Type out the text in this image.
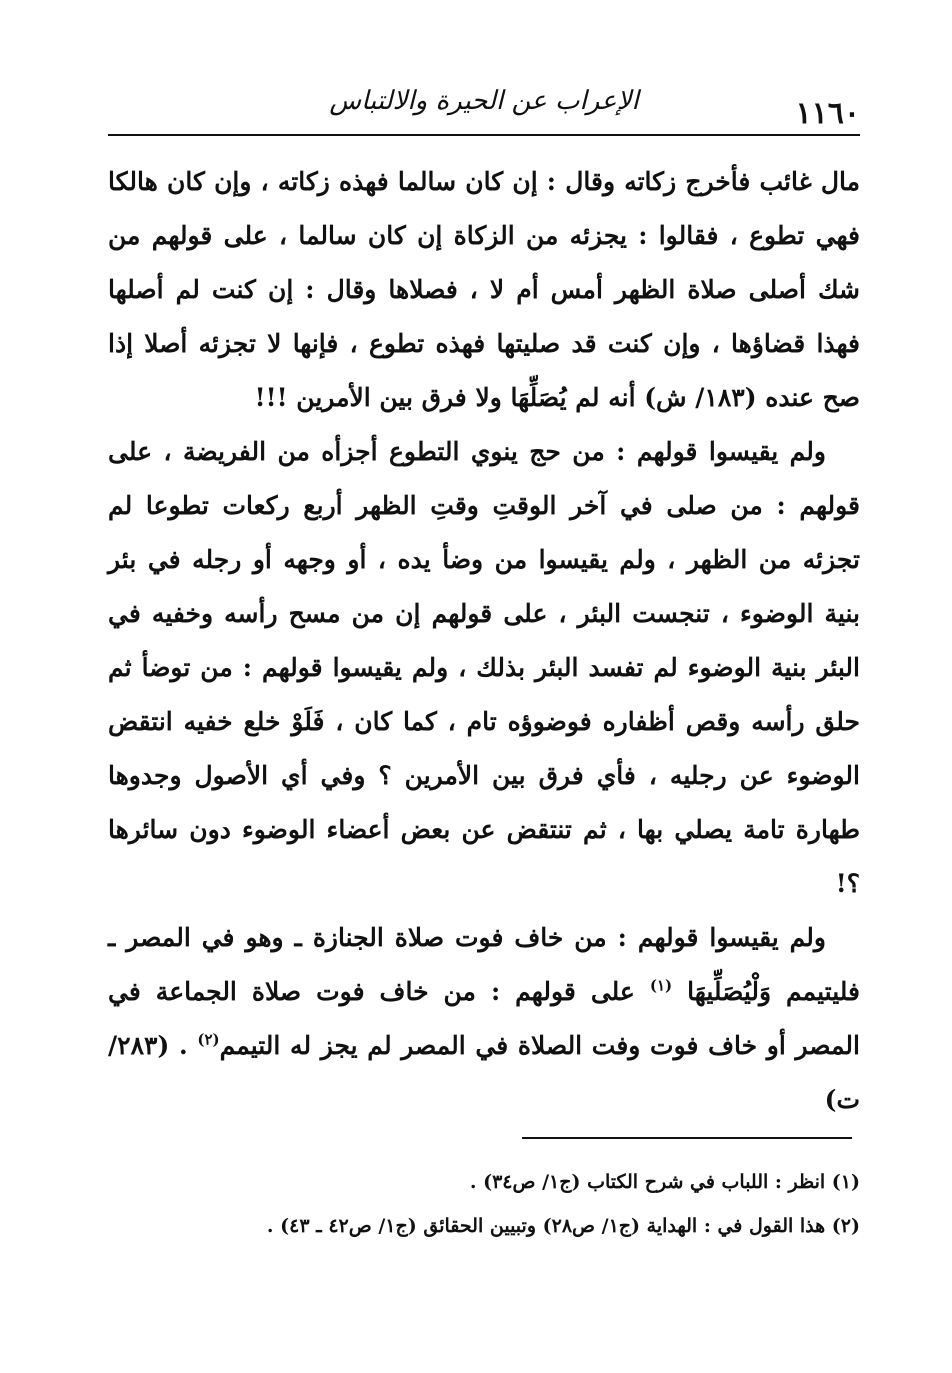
١١٦٠
الإعراب عن الحيرة والالتباس

مال غائب فأخرج زكاته وقال : إن كان سالما فهذه زكاته ، وإن كان هالكا فهي تطوع ، فقالوا : يجزئه من الزكاة إن كان سالما ، على قولهم من شك أصلى صلاة الظهر أمس أم لا ، فصلاها وقال : إن كنت لم أصلها فهذا قضاؤها ، وإن كنت قد صليتها فهذه تطوع ، فإنها لا تجزئه أصلا إذا صح عنده (١٨٣/ ش) أنه لم يُصَلِّهَا ولا فرق بين الأمرين !!!

ولم يقيسوا قولهم : من حج ينوي التطوع أجزأه من الفريضة ، على قولهم : من صلى في آخر الوقتِ وقتِ الظهر أربع ركعات تطوعا لم تجزئه من الظهر ، ولم يقيسوا من وضأ يده ، أو وجهه أو رجله في بئر بنية الوضوء ، تنجست البئر ، على قولهم إن من مسح رأسه وخفيه في البئر بنية الوضوء لم تفسد البئر بذلك ، ولم يقيسوا قولهم : من توضأ ثم حلق رأسه وقص أظفاره فوضوؤه تام ، كما كان ، فَلَوْ خلع خفيه انتقض الوضوء عن رجليه ، فأي فرق بين الأمرين ؟ وفي أي الأصول وجدوها طهارة تامة يصلي بها ، ثم تنتقض عن بعض أعضاء الوضوء دون سائرها ؟!

ولم يقيسوا قولهم : من خاف فوت صلاة الجنازة ـ وهو في المصر ـ فليتيمم وَلْيُصَلِّيهَا $^{(١)}$ على قولهم : من خاف فوت صلاة الجماعة في المصر أو خاف فوت وفت الصلاة في المصر لم يجز له التيمم$^{(٢)}$ . (٢٨٣/ت)

(١) انظر : اللباب في شرح الكتاب (ج١/ ص٣٤) .

(٢) هذا القول في : الهداية (ج١/ ص٢٨) وتبيين الحقائق (ج١/ ص٤٢ ـ ٤٣) .
